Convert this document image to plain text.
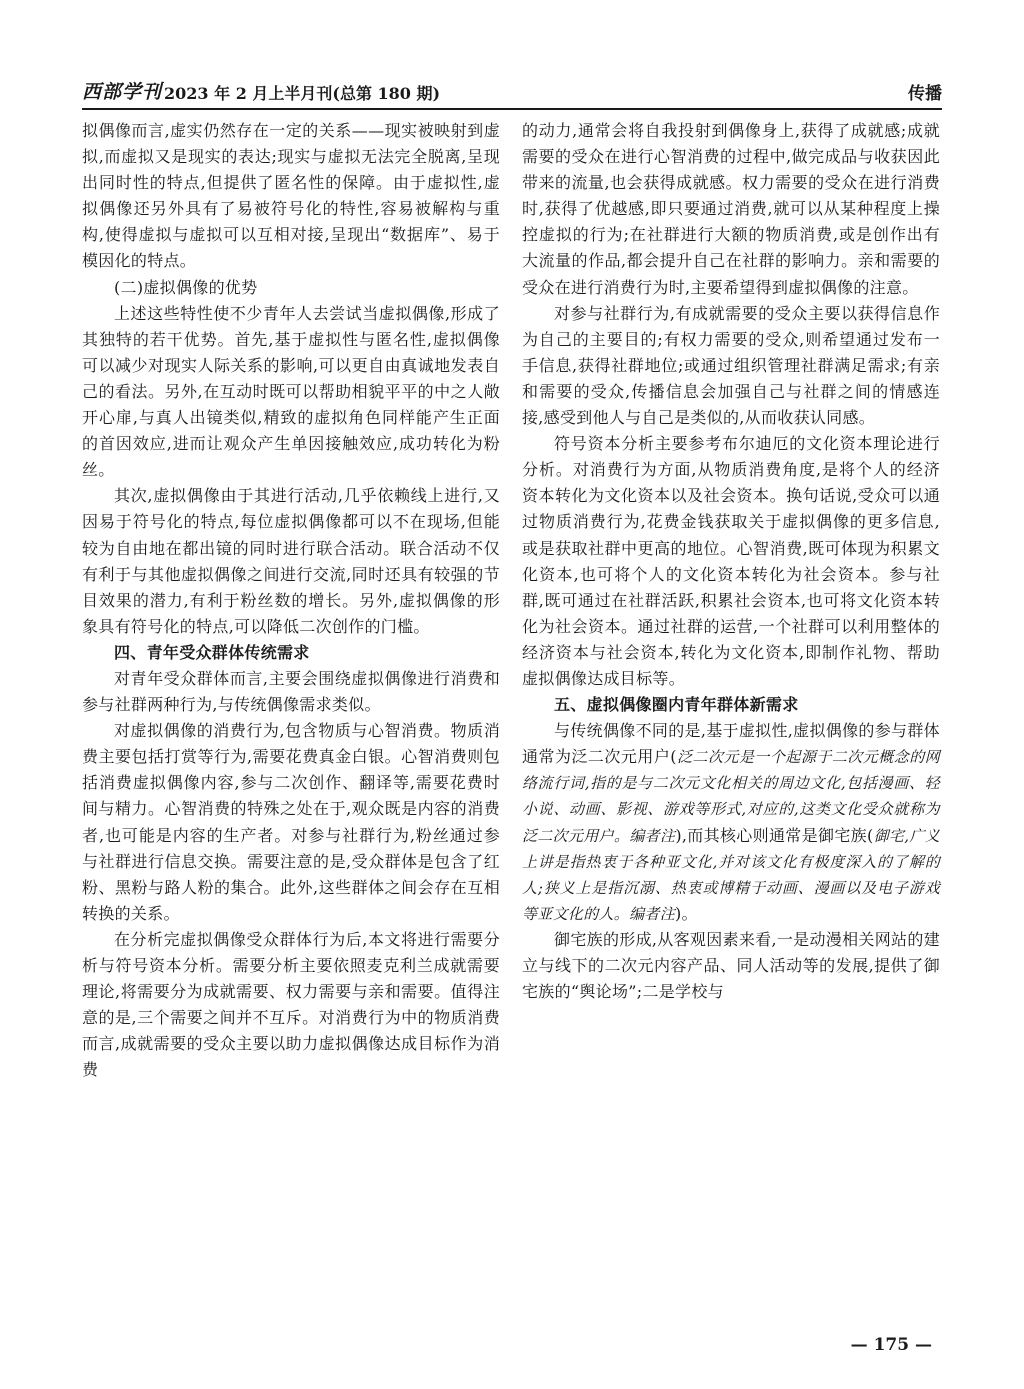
西部学刊 2023 年 2 月上半月刊(总第 180 期)	传播

拟偶像而言,虚实仍然存在一定的关系——现实被映射到虚拟,而虚拟又是现实的表达;现实与虚拟无法完全脱离,呈现出同时性的特点,但提供了匿名性的保障。由于虚拟性,虚拟偶像还另外具有了易被符号化的特性,容易被解构与重构,使得虚拟与虚拟可以互相对接,呈现出“数据库”、易于模因化的特点。

(二)虚拟偶像的优势

上述这些特性使不少青年人去尝试当虚拟偶像,形成了其独特的若干优势。首先,基于虚拟性与匿名性,虚拟偶像可以减少对现实人际关系的影响,可以更自由真诚地发表自己的看法。另外,在互动时既可以帮助相貌平平的中之人敞开心扉,与真人出镜类似,精致的虚拟角色同样能产生正面的首因效应,进而让观众产生单因接触效应,成功转化为粉丝。

其次,虚拟偶像由于其进行活动,几乎依赖线上进行,又因易于符号化的特点,每位虚拟偶像都可以不在现场,但能较为自由地在都出镜的同时进行联合活动。联合活动不仅有利于与其他虚拟偶像之间进行交流,同时还具有较强的节目效果的潜力,有利于粉丝数的增长。另外,虚拟偶像的形象具有符号化的特点,可以降低二次创作的门槛。

四、青年受众群体传统需求

对青年受众群体而言,主要会围绕虚拟偶像进行消费和参与社群两种行为,与传统偶像需求类似。

对虚拟偶像的消费行为,包含物质与心智消费。物质消费主要包括打赏等行为,需要花费真金白银。心智消费则包括消费虚拟偶像内容,参与二次创作、翻译等,需要花费时间与精力。心智消费的特殊之处在于,观众既是内容的消费者,也可能是内容的生产者。对参与社群行为,粉丝通过参与社群进行信息交换。需要注意的是,受众群体是包含了红粉、黑粉与路人粉的集合。此外,这些群体之间会存在互相转换的关系。

在分析完虚拟偶像受众群体行为后,本文将进行需要分析与符号资本分析。需要分析主要依照麦克利兰成就需要理论,将需要分为成就需要、权力需要与亲和需要。值得注意的是,三个需要之间并不互斥。对消费行为中的物质消费而言,成就需要的受众主要以助力虚拟偶像达成目标作为消费

的动力,通常会将自我投射到偶像身上,获得了成就感;成就需要的受众在进行心智消费的过程中,做完成品与收获因此带来的流量,也会获得成就感。权力需要的受众在进行消费时,获得了优越感,即只要通过消费,就可以从某种程度上操控虚拟的行为;在社群进行大额的物质消费,或是创作出有大流量的作品,都会提升自己在社群的影响力。亲和需要的受众在进行消费行为时,主要希望得到虚拟偶像的注意。

对参与社群行为,有成就需要的受众主要以获得信息作为自己的主要目的;有权力需要的受众,则希望通过发布一手信息,获得社群地位;或通过组织管理社群满足需求;有亲和需要的受众,传播信息会加强自己与社群之间的情感连接,感受到他人与自己是类似的,从而收获认同感。

符号资本分析主要参考布尔迪厄的文化资本理论进行分析。对消费行为方面,从物质消费角度,是将个人的经济资本转化为文化资本以及社会资本。换句话说,受众可以通过物质消费行为,花费金钱获取关于虚拟偶像的更多信息,或是获取社群中更高的地位。心智消费,既可体现为积累文化资本,也可将个人的文化资本转化为社会资本。参与社群,既可通过在社群活跃,积累社会资本,也可将文化资本转化为社会资本。通过社群的运营,一个社群可以利用整体的经济资本与社会资本,转化为文化资本,即制作礼物、帮助虚拟偶像达成目标等。

五、虚拟偶像圈内青年群体新需求

与传统偶像不同的是,基于虚拟性,虚拟偶像的参与群体通常为泛二次元用户(泛二次元是一个起源于二次元概念的网络流行词,指的是与二次元文化相关的周边文化,包括漫画、轻小说、动画、影视、游戏等形式,对应的,这类文化受众就称为泛二次元用户。编者注),而其核心则通常是御宅族(御宅,广义上讲是指热衷于各种亚文化,并对该文化有极度深入的了解的人;狭义上是指沉溺、热衷或博精于动画、漫画以及电子游戏等亚文化的人。编者注)。

御宅族的形成,从客观因素来看,一是动漫相关网站的建立与线下的二次元内容产品、同人活动等的发展,提供了御宅族的“舆论场”;二是学校与

— 175 —
